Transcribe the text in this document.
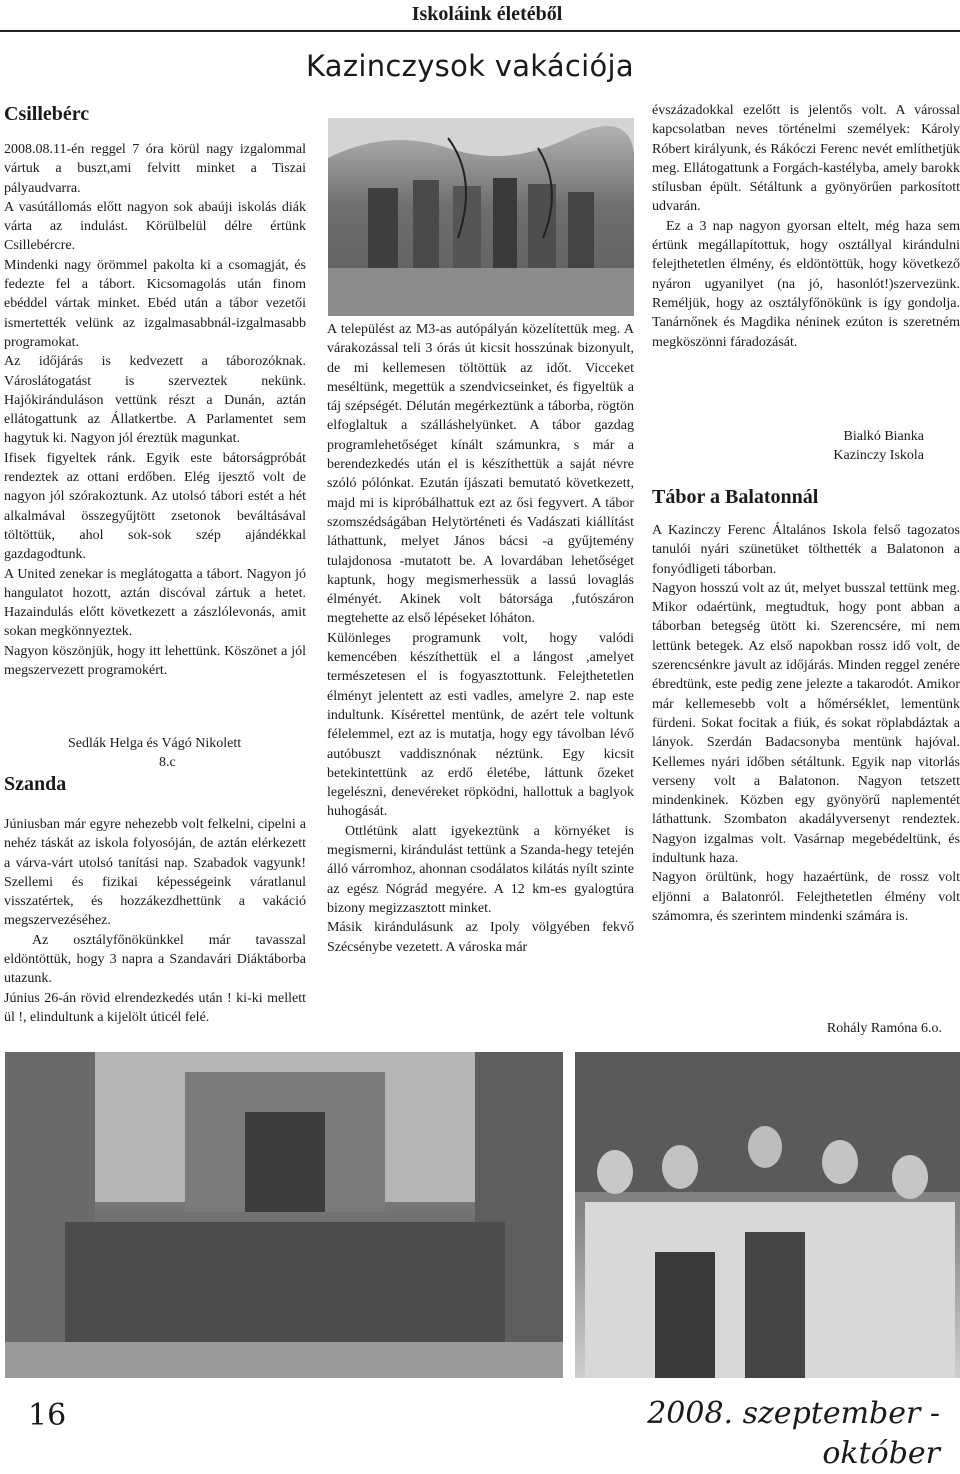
Iskoláink életéből
Kazinczysok vakációja
Csillebérc

2008.08.11-én reggel 7 óra körül nagy izgalommal vártuk a buszt,ami felvitt minket a Tiszai pályaudvarra.

A vasútállomás előtt nagyon sok abaúji iskolás diák várta az indulást. Körülbelül délre értünk Csillebércre.

Mindenki nagy örömmel pakolta ki a csomagját, és fedezte fel a tábort. Kicsomagolás után finom ebéddel vártak minket. Ebéd után a tábor vezetői ismertették velünk az izgalmasabbnál-izgalmasabb programokat.

Az időjárás is kedvezett a táborozóknak. Városlátogatást is szerveztek nekünk. Hajókiránduláson vettünk részt a Dunán, aztán ellátogattunk az Állatkertbe. A Parlamentet sem hagytuk ki. Nagyon jól éreztük magunkat.

Ifisek figyeltek ránk. Egyik este bátorságpróbát rendeztek az ottani erdőben. Elég ijesztő volt de nagyon jól szórakoztunk. Az utolsó tábori estét a hét alkalmával összegyűjtött zsetonok beváltásával töltöttük, ahol sok-sok szép ajándékkal gazdagodtunk.

A United zenekar is meglátogatta a tábort. Nagyon jó hangulatot hozott, aztán discóval zártuk a hetet. Hazaindulás előtt következett a zászlólevonás, amit sokan megkönnyeztek.

Nagyon köszönjük, hogy itt lehettünk. Köszönet a jól megszervezett programokért.

Sedlák Helga és Vágó Nikolett
8.c
Szanda

Júniusban már egyre nehezebb volt felkelni, cipelni a nehéz táskát az iskola folyosóján, de aztán elérkezett a várva-várt utolsó tanítási nap. Szabadok vagyunk! Szellemi és fizikai képességeink váratlanul visszatértek, és hozzákezdhettünk a vakáció megszervezéséhez.

Az osztályfőnökünkkel már tavasszal eldöntöttük, hogy 3 napra a Szandavári Diáktáborba utazunk.

Június 26-án rövid elrendezkedés után ! ki-ki mellett ül !, elindultunk a kijelölt úticél felé.

A települést az M3-as autópályán közelítettük meg. A várakozással teli 3 órás út kicsit hosszúnak bizonyult, de mi kellemesen töltöttük az időt. Vicceket meséltünk, megettük a szendvicseinket, és figyeltük a táj szépségét. Délután megérkeztünk a táborba, rögtön elfoglaltuk a szálláshelyünket. A tábor gazdag programlehetőséget kínált számunkra, s már a berendezkedés után el is készíthettük a saját névre szóló pólónkat. Ezután íjászati bemutató következett, majd mi is kipróbálhattuk ezt az ősi fegyvert. A tábor szomszédságában Helytörténeti és Vadászati kiállítást láthattunk, melyet János bácsi -a gyűjtemény tulajdonosa -mutatott be. A lovardában lehetőséget kaptunk, hogy megismerhessük a lassú lovaglás élményét. Akinek volt bátorsága ,futószáron megtehette az első lépéseket lóháton.

Különleges programunk volt, hogy valódi kemencében készíthettük el a lángost ,amelyet természetesen el is fogyasztottunk. Felejthetetlen élményt jelentett az esti vadles, amelyre 2. nap este indultunk. Kísérettel mentünk, de azért tele voltunk félelemmel, ezt az is mutatja, hogy egy távolban lévő autóbuszt vaddisznónak néztünk. Egy kicsit betekintettünk az erdő életébe, láttunk őzeket legelészni, denevéreket röpködni, hallottuk a baglyok huhogását.

Ottlétünk alatt igyekeztünk a környéket is megismerni, kirándulást tettünk a Szanda-hegy tetején álló várromhoz, ahonnan csodálatos kilátás nyílt szinte az egész Nógrád megyére. A 12 km-es gyalogtúra bizony megizzasztott minket.

Másik kirándulásunk az Ipoly völgyében fekvő Szécsénybe vezetett. A városka már

évszázadokkal ezelőtt is jelentős volt. A várossal kapcsolatban neves történelmi személyek: Károly Róbert királyunk, és Rákóczi Ferenc nevét említhetjük meg. Ellátogattunk a Forgách-kastélyba, amely barokk stílusban épült. Sétáltunk a gyönyörűen parkosított udvarán.

Ez a 3 nap nagyon gyorsan eltelt, még haza sem értünk megállapítottuk, hogy osztállyal kirándulni felejthetetlen élmény, és eldöntöttük, hogy következő nyáron ugyanilyet (na jó, hasonlót!)szervezünk. Reméljük, hogy az osztályfőnökünk is így gondolja. Tanárnőnek és Magdika néninek ezúton is szeretném megköszönni fáradozását.

Bialkó Bianka
Kazinczy Iskola
Tábor a Balatonnál

A Kazinczy Ferenc Általános Iskola felső tagozatos tanulói nyári szünetüket tölthették a Balatonon a fonyódligeti táborban.

Nagyon hosszú volt az út, melyet busszal tettünk meg. Mikor odaértünk, megtudtuk, hogy pont abban a táborban betegség ütött ki. Szerencsére, mi nem lettünk betegek. Az első napokban rossz idő volt, de szerencsénkre javult az időjárás. Minden reggel zenére ébredtünk, este pedig zene jelezte a takarodót. Amikor már kellemesebb volt a hőmérséklet, lementünk fürdeni. Sokat focitak a fiúk, és sokat röplabdáztak a lányok. Szerdán Badacsonyba mentünk hajóval. Kellemes nyári időben sétáltunk. Egyik nap vitorlás verseny volt a Balatonon. Nagyon tetszett mindenkinek. Közben egy gyönyörű naplementét láthattunk. Szombaton akadályversenyt rendeztek. Nagyon izgalmas volt. Vasárnap megebédeltünk, és indultunk haza.

Nagyon örültünk, hogy hazaértünk, de rossz volt eljönni a Balatonról. Felejthetetlen élmény volt számomra, és szerintem mindenki számára is.

Rohály Ramóna 6.o.
16	2008. szeptember - október
